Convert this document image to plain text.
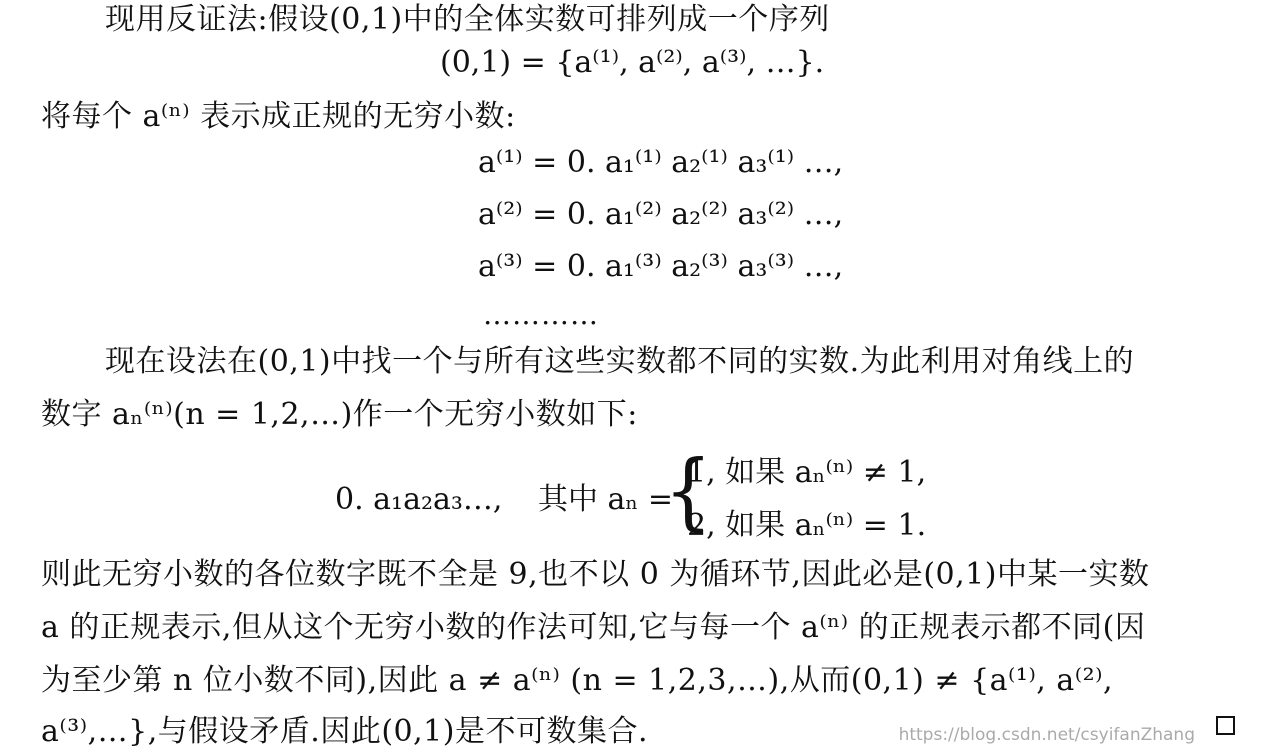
现用反证法:假设(0,1)中的全体实数可排列成一个序列
(0,1) = {a⁽¹⁾, a⁽²⁾, a⁽³⁾, …}.
将每个 a⁽ⁿ⁾ 表示成正规的无穷小数:
a⁽¹⁾ = 0. a₁⁽¹⁾ a₂⁽¹⁾ a₃⁽¹⁾ …,
a⁽²⁾ = 0. a₁⁽²⁾ a₂⁽²⁾ a₃⁽²⁾ …,
a⁽³⁾ = 0. a₁⁽³⁾ a₂⁽³⁾ a₃⁽³⁾ …,
…………
现在设法在(0,1)中找一个与所有这些实数都不同的实数.为此利用对角线上的
数字 aₙ⁽ⁿ⁾(n = 1,2,…)作一个无穷小数如下:
0. a₁a₂a₃…, 其中 aₙ =
{
1, 如果 aₙ⁽ⁿ⁾ ≠ 1,
2, 如果 aₙ⁽ⁿ⁾ = 1.
则此无穷小数的各位数字既不全是 9,也不以 0 为循环节,因此必是(0,1)中某一实数
a 的正规表示,但从这个无穷小数的作法可知,它与每一个 a⁽ⁿ⁾ 的正规表示都不同(因
为至少第 n 位小数不同),因此 a ≠ a⁽ⁿ⁾ (n = 1,2,3,…),从而(0,1) ≠ {a⁽¹⁾, a⁽²⁾,
a⁽³⁾,…},与假设矛盾.因此(0,1)是不可数集合.	https://blog.csdn.net/csyifanZhang
